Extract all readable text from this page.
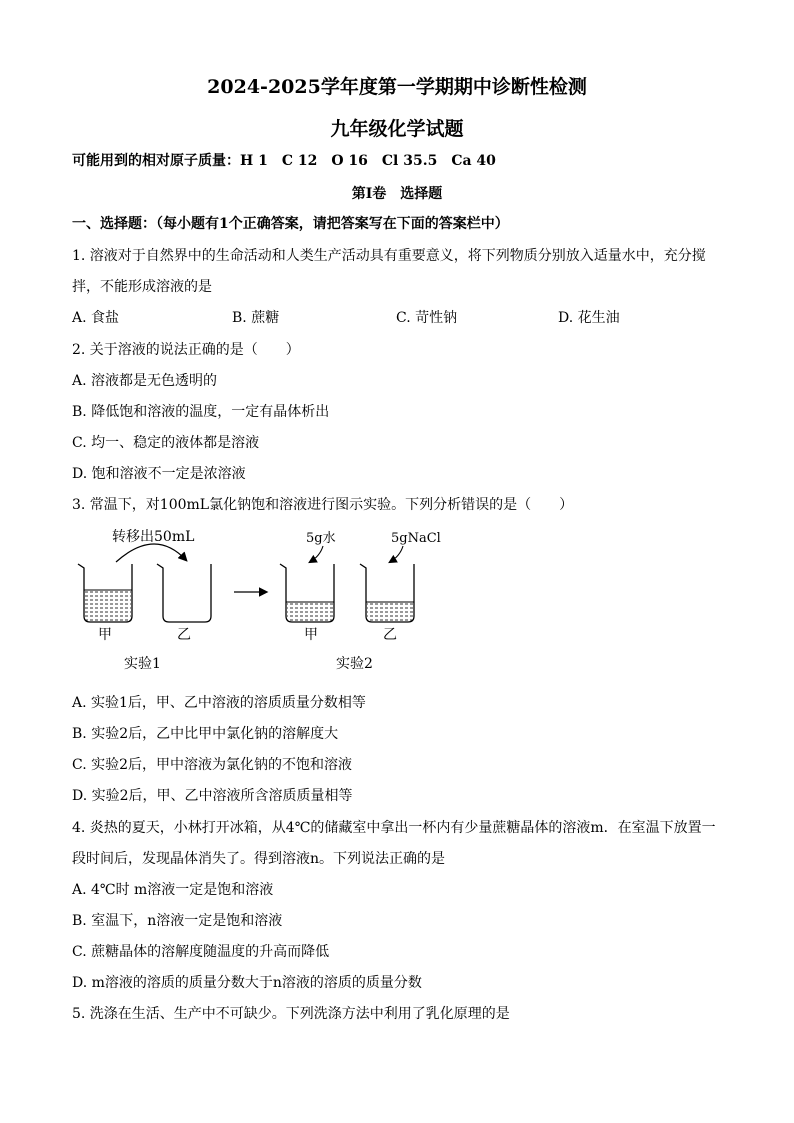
2024-2025学年度第一学期期中诊断性检测
九年级化学试题
可能用到的相对原子质量：H 1　C 12　O 16　Cl 35.5　Ca 40
第Ⅰ卷　选择题
一、选择题：（每小题有1个正确答案，请把答案写在下面的答案栏中）
1. 溶液对于自然界中的生命活动和人类生产活动具有重要意义，将下列物质分别放入适量水中，充分搅
拌，不能形成溶液的是
A. 食盐	B. 蔗糖	C. 苛性钠	D. 花生油
2. 关于溶液的说法正确的是（　　）
A. 溶液都是无色透明的
B. 降低饱和溶液的温度，一定有晶体析出
C. 均一、稳定的液体都是溶液
D. 饱和溶液不一定是浓溶液
3. 常温下，对100mL氯化钠饱和溶液进行图示实验。下列分析错误的是（　　）
转移出50mL	5g水	5gNaCl
甲	乙	甲	乙
实验1	实验2
A. 实验1后，甲、乙中溶液的溶质质量分数相等
B. 实验2后，乙中比甲中氯化钠的溶解度大
C. 实验2后，甲中溶液为氯化钠的不饱和溶液
D. 实验2后，甲、乙中溶液所含溶质质量相等
4. 炎热的夏天，小林打开冰箱，从4℃的储藏室中拿出一杯内有少量蔗糖晶体的溶液m．在室温下放置一
段时间后，发现晶体消失了。得到溶液n。下列说法正确的是
A. 4℃时 m溶液一定是饱和溶液
B. 室温下，n溶液一定是饱和溶液
C. 蔗糖晶体的溶解度随温度的升高而降低
D. m溶液的溶质的质量分数大于n溶液的溶质的质量分数
5. 洗涤在生活、生产中不可缺少。下列洗涤方法中利用了乳化原理的是
